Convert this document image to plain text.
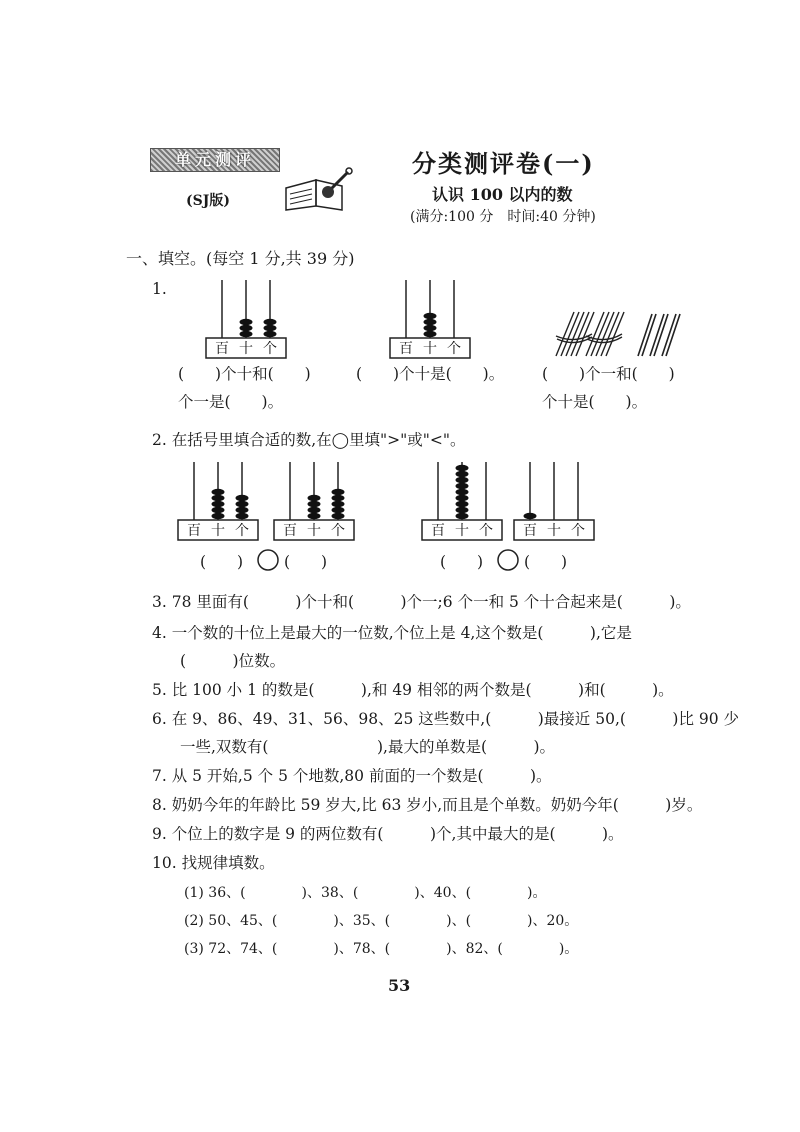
单元测评
(SJ版)
分类测评卷(一)
认识 100 以内的数
(满分:100 分　时间:40 分钟)
一、填空。(每空 1 分,共 39 分)
1.
百 十 个	百 十 个
(　　)个十和(　　)
个一是(　　)。
(　　)个十是(　　)。 (　　)个一和(　　)
个十是(　　)。
2. 在括号里填合适的数,在◯里填">"或"<"。
百 十 个 百 十 个	百 十 个 百 十 个
(　　)	(　　)	(　　)	(　　)
3. 78 里面有(　　　)个十和(　　　)个一;6 个一和 5 个十合起来是(　　　)。
4. 一个数的十位上是最大的一位数,个位上是 4,这个数是(　　　),它是
(　　　)位数。
5. 比 100 小 1 的数是(　　　),和 49 相邻的两个数是(　　　)和(　　　)。
6. 在 9、86、49、31、56、98、25 这些数中,(　　　)最接近 50,(　　　)比 90 少
一些,双数有(　　　　　　　),最大的单数是(　　　)。
7. 从 5 开始,5 个 5 个地数,80 前面的一个数是(　　　)。
8. 奶奶今年的年龄比 59 岁大,比 63 岁小,而且是个单数。奶奶今年(　　　)岁。
9. 个位上的数字是 9 的两位数有(　　　)个,其中最大的是(　　　)。
10. 找规律填数。
(1) 36、(　　　　)、38、(　　　　)、40、(　　　　)。
(2) 50、45、(　　　　)、35、(　　　　)、(　　　　)、20。
(3) 72、74、(　　　　)、78、(　　　　)、82、(　　　　)。
53
